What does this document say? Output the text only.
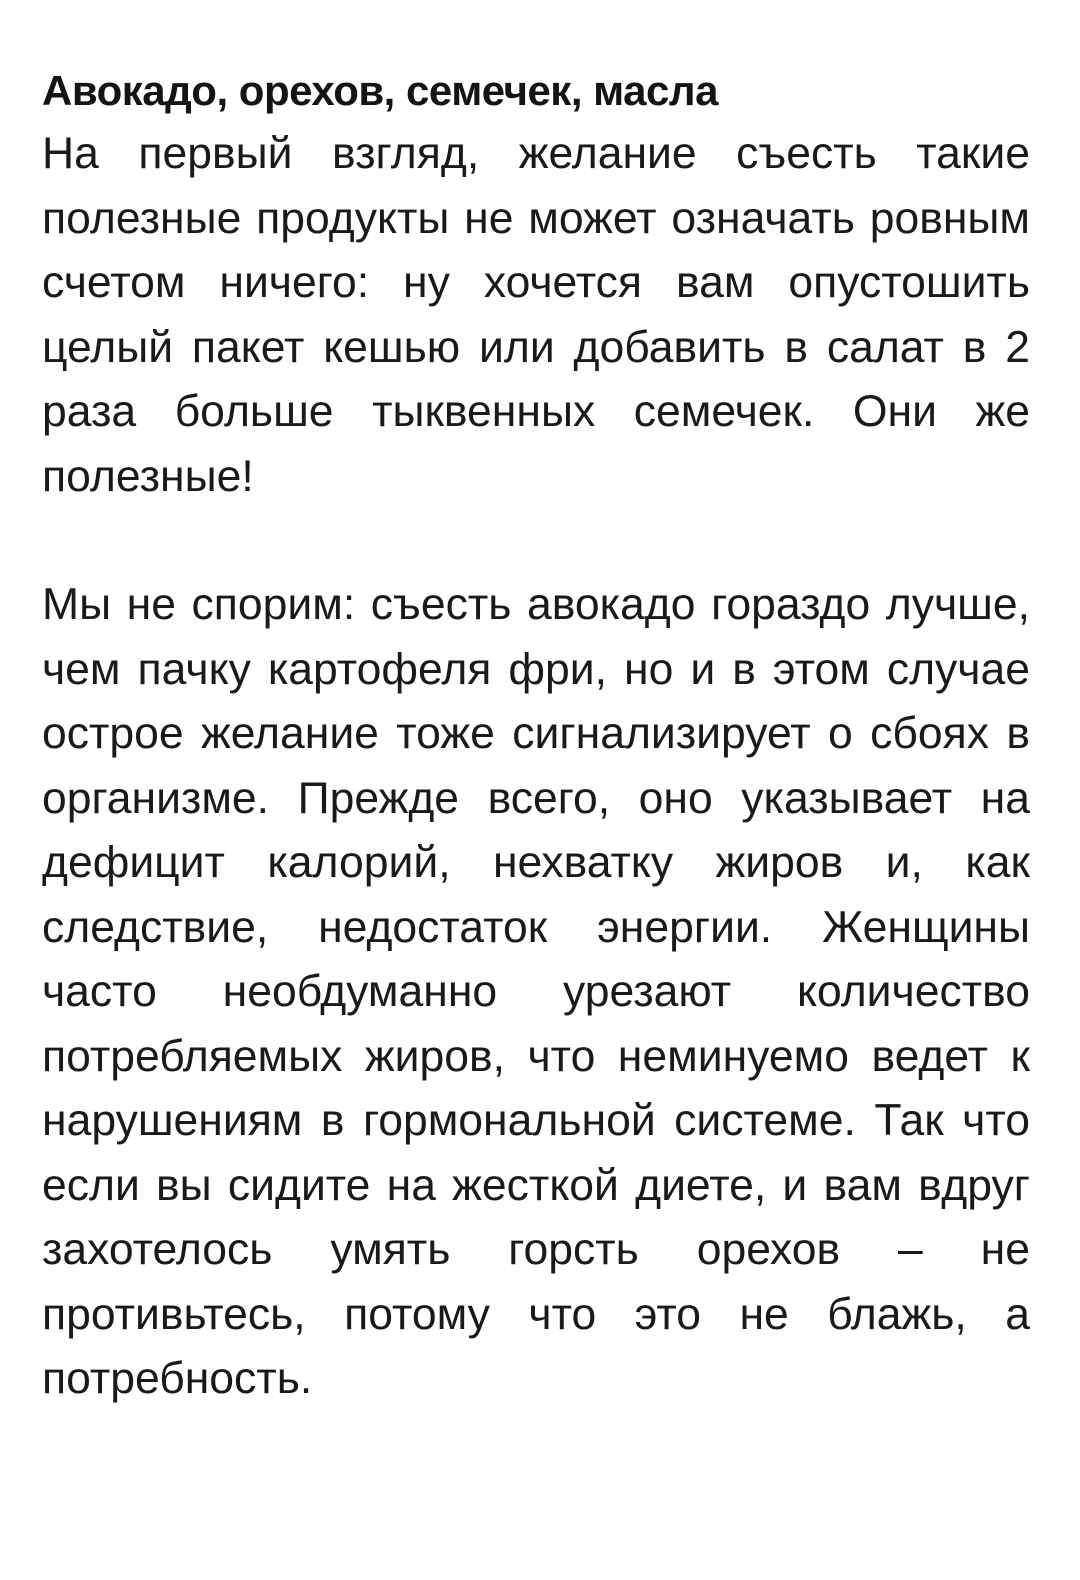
Авокадо, орехов, семечек, масла

На первый взгляд, желание съесть такие полезные продукты не может означать ровным счетом ничего: ну хочется вам опустошить целый пакет кешью или добавить в салат в 2 раза больше тыквенных семечек. Они же полезные!

Мы не спорим: съесть авокадо гораздо лучше, чем пачку картофеля фри, но и в этом случае острое желание тоже сигнализирует о сбоях в организме. Прежде всего, оно указывает на дефицит калорий, нехватку жиров и, как следствие, недостаток энергии. Женщины часто необдуманно урезают количество потребляемых жиров, что неминуемо ведет к нарушениям в гормональной системе. Так что если вы сидите на жесткой диете, и вам вдруг захотелось умять горсть орехов – не противьтесь, потому что это не блажь, а потребность.
